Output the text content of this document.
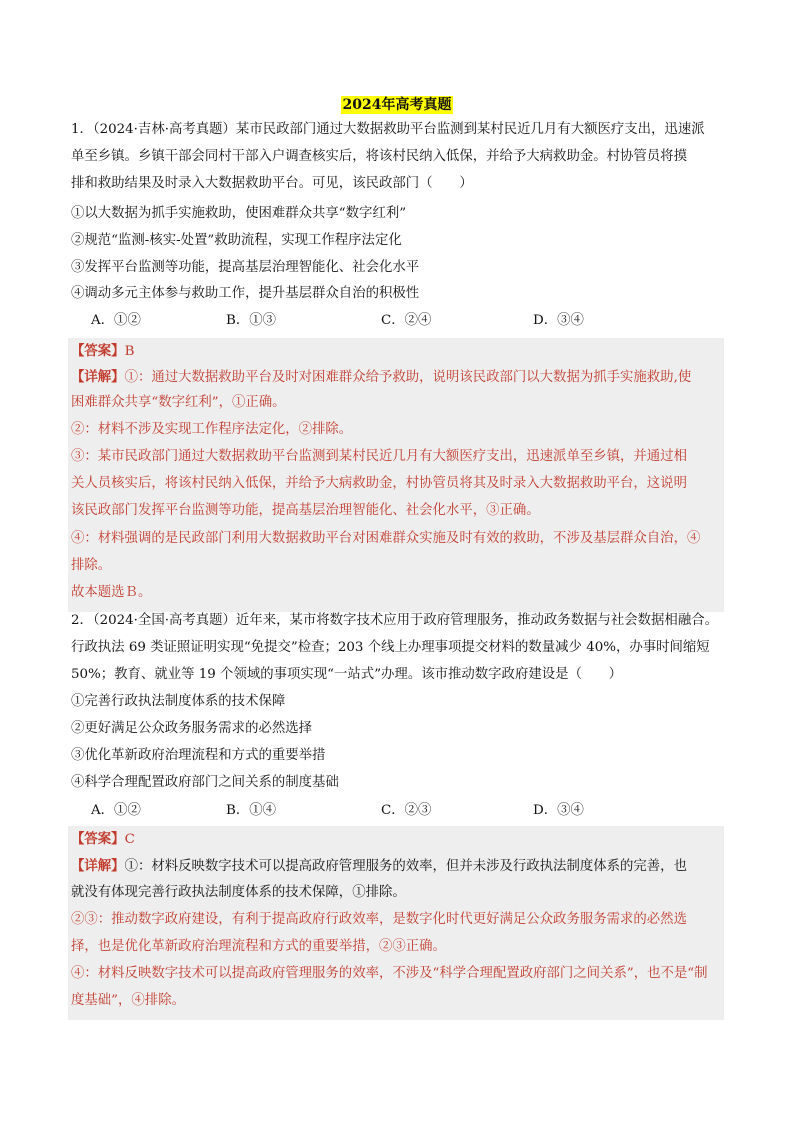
2024年高考真题
1．（2024·吉林·高考真题）某市民政部门通过大数据救助平台监测到某村民近几月有大额医疗支出，迅速派
单至乡镇。乡镇干部会同村干部入户调查核实后，将该村民纳入低保，并给予大病救助金。村协管员将摸
排和救助结果及时录入大数据救助平台。可见，该民政部门（　　）
①以大数据为抓手实施救助，使困难群众共享“数字红利”
②规范“监测-核实-处置”救助流程，实现工作程序法定化
③发挥平台监测等功能，提高基层治理智能化、社会化水平
④调动多元主体参与救助工作，提升基层群众自治的积极性
A．①②	B．①③	C．②④	D．③④
【答案】B
【详解】①：通过大数据救助平台及时对困难群众给予救助，说明该民政部门以大数据为抓手实施救助,使
困难群众共享“数字红利”，①正确。
②：材料不涉及实现工作程序法定化，②排除。
③：某市民政部门通过大数据救助平台监测到某村民近几月有大额医疗支出，迅速派单至乡镇，并通过相
关人员核实后，将该村民纳入低保，并给予大病救助金，村协管员将其及时录入大数据救助平台，这说明
该民政部门发挥平台监测等功能，提高基层治理智能化、社会化水平，③正确。
④：材料强调的是民政部门利用大数据救助平台对困难群众实施及时有效的救助，不涉及基层群众自治，④
排除。
故本题选Ｂ。
2．（2024·全国·高考真题）近年来，某市将数字技术应用于政府管理服务，推动政务数据与社会数据相融合。
行政执法 69 类证照证明实现“免提交”检查；203 个线上办理事项提交材料的数量减少 40%，办事时间缩短
50%；教育、就业等 19 个领域的事项实现“一站式”办理。该市推动数字政府建设是（　　）
①完善行政执法制度体系的技术保障
②更好满足公众政务服务需求的必然选择
③优化革新政府治理流程和方式的重要举措
④科学合理配置政府部门之间关系的制度基础
A．①②	B．①④	C．②③	D．③④
【答案】C
【详解】①：材料反映数字技术可以提高政府管理服务的效率，但并未涉及行政执法制度体系的完善，也
就没有体现完善行政执法制度体系的技术保障，①排除。
②③：推动数字政府建设，有利于提高政府行政效率，是数字化时代更好满足公众政务服务需求的必然选
择，也是优化革新政府治理流程和方式的重要举措，②③正确。
④：材料反映数字技术可以提高政府管理服务的效率，不涉及“科学合理配置政府部门之间关系”，也不是“制
度基础”，④排除。
